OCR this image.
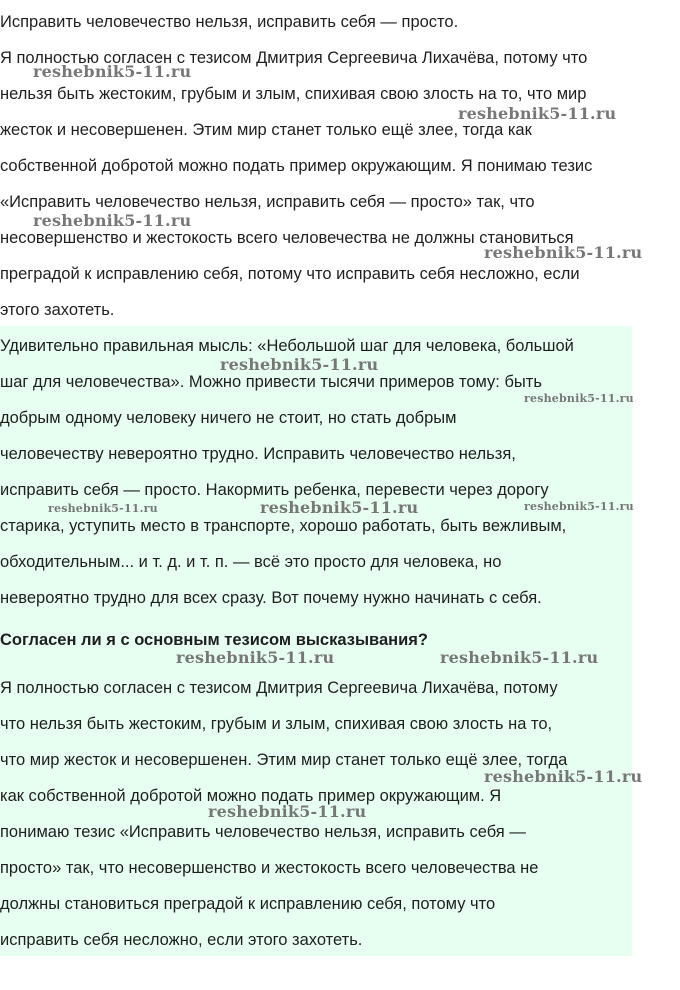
Исправить человечество нельзя, исправить себя — просто.
Я полностью согласен с тезисом Дмитрия Сергеевича Лихачёва, потому что
нельзя быть жестоким, грубым и злым, спихивая свою злость на то, что мир
жесток и несовершенен. Этим мир станет только ещё злее, тогда как
собственной добротой можно подать пример окружающим. Я понимаю тезис
«Исправить человечество нельзя, исправить себя — просто» так, что
несовершенство и жестокость всего человечества не должны становиться
преградой к исправлению себя, потому что исправить себя несложно, если
этого захотеть.
Удивительно правильная мысль: «Небольшой шаг для человека, большой
шаг для человечества». Можно привести тысячи примеров тому: быть
добрым одному человеку ничего не стоит, но стать добрым
человечеству невероятно трудно. Исправить человечество нельзя,
исправить себя — просто. Накормить ребенка, перевести через дорогу
старика, уступить место в транспорте, хорошо работать, быть вежливым,
обходительным... и т. д. и т. п. — всё это просто для человека, но
невероятно трудно для всех сразу. Вот почему нужно начинать с себя.

Согласен ли я с основным тезисом высказывания?

Я полностью согласен с тезисом Дмитрия Сергеевича Лихачёва, потому
что нельзя быть жестоким, грубым и злым, спихивая свою злость на то,
что мир жесток и несовершенен. Этим мир станет только ещё злее, тогда
как собственной добротой можно подать пример окружающим. Я
понимаю тезис «Исправить человечество нельзя, исправить себя —
просто» так, что несовершенство и жестокость всего человечества не
должны становиться преградой к исправлению себя, потому что
исправить себя несложно, если этого захотеть.
reshebnik5-11.ru
reshebnik5-11.ru
reshebnik5-11.ru
reshebnik5-11.ru
reshebnik5-11.ru
reshebnik5-11.ru
reshebnik5-11.ru	reshebnik5-11.ru	reshebnik5-11.ru
reshebnik5-11.ru	reshebnik5-11.ru
reshebnik5-11.ru
reshebnik5-11.ru
